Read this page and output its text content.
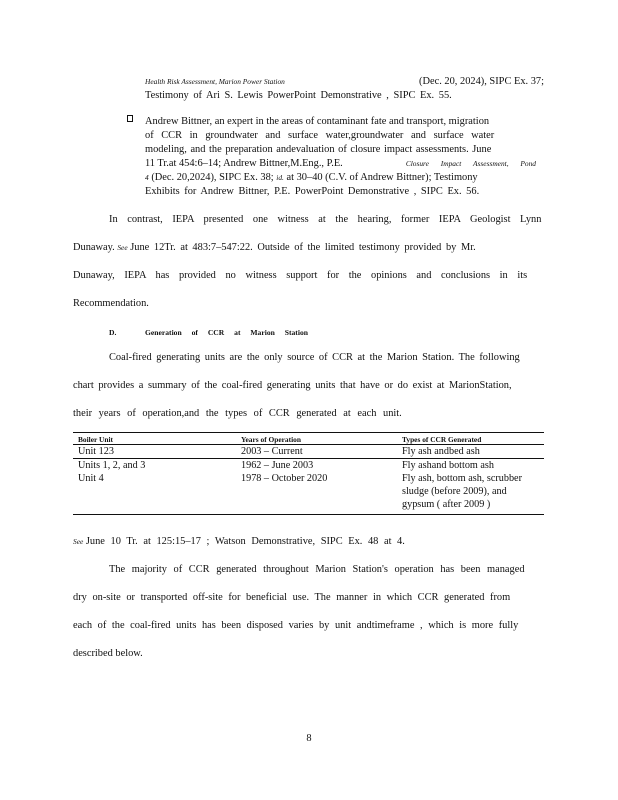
Health Risk Assessment, Marion Power Station	(Dec. 20, 2024), SIPC Ex. 37;
Testimony of Ari S. Lewis PowerPoint Demonstrative , SIPC Ex. 55.
Andrew Bittner, an expert in the areas of contaminant fate and transport, migration
of CCR in groundwater and surface water,groundwater and surface water
modeling, and the preparation andevaluation of closure impact assessments. June
11 Tr.at 454:6–14; Andrew Bittner,M.Eng., P.E.	Closure Impact Assessment, Pond
4 (Dec. 20,2024), SIPC Ex. 38; id. at 30–40 (C.V. of Andrew Bittner); Testimony
Exhibits for Andrew Bittner, P.E. PowerPoint Demonstrative , SIPC Ex. 56.
In contrast, IEPA presented one witness at the hearing, former IEPA Geologist Lynn
Dunaway. See June 12Tr. at 483:7–547:22. Outside of the limited testimony provided by Mr.
Dunaway, IEPA has provided no witness support for the opinions and conclusions in its
Recommendation.
D.	Generation of CCR at Marion Station
Coal-fired generating units are the only source of CCR at the Marion Station. The following
chart provides a summary of the coal-fired generating units that have or do exist at MarionStation,
their years of operation,and the types of CCR generated at each unit.
Boiler Unit	Years of Operation	Types of CCR Generated
Unit 123	2003 – Current	Fly ash andbed ash
Units 1, 2, and 3	1962 – June 2003	Fly ashand bottom ash
Unit 4	1978 – October 2020	Fly ash, bottom ash, scrubber
sludge (before 2009), and
gypsum ( after 2009 )
See June 10 Tr. at 125:15–17 ; Watson Demonstrative, SIPC Ex. 48 at 4.
The majority of CCR generated throughout Marion Station's operation has been managed
dry on-site or transported off-site for beneficial use. The manner in which CCR generated from
each of the coal-fired units has been disposed varies by unit andtimeframe , which is more fully
described below.
8
